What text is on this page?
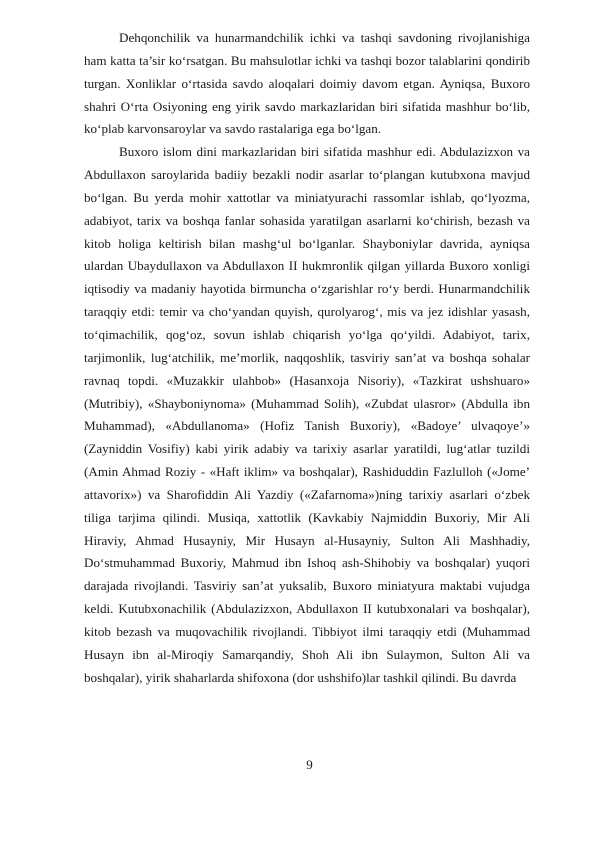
Dehqonchilik va hunarmandchilik ichki va tashqi savdoning rivojlanishiga ham katta ta’sir ko‘rsatgan. Bu mahsulotlar ichki va tashqi bozor talablarini qondirib turgan. Xonliklar o‘rtasida savdo aloqalari doimiy davom etgan. Ayniqsa, Buxoro shahri O‘rta Osiyoning eng yirik savdo markazlaridan biri sifatida mashhur bo‘lib, ko‘plab karvonsaroylar va savdo rastalariga ega bo‘lgan.

Buxoro islom dini markazlaridan biri sifatida mashhur edi. Abdulazizxon va Abdullaxon saroylarida badiiy bezakli nodir asarlar to‘plangan kutubxona mavjud bo‘lgan. Bu yerda mohir xattotlar va miniatyurachi rassomlar ishlab, qo‘lyozma, adabiyot, tarix va boshqa fanlar sohasida yaratilgan asarlarni ko‘chirish, bezash va kitob holiga keltirish bilan mashg‘ul bo‘lganlar. Shayboniylar davrida, ayniqsa ulardan Ubaydullaxon va Abdullaxon II hukmronlik qilgan yillarda Buxoro xonligi iqtisodiy va madaniy hayotida birmuncha o‘zgarishlar ro‘y berdi. Hunarmandchilik taraqqiy etdi: temir va cho‘yandan quyish, qurolyarog‘, mis va jez idishlar yasash, to‘qimachilik, qog‘oz, sovun ishlab chiqarish yo‘lga qo‘yildi. Adabiyot, tarix, tarjimonlik, lug‘atchilik, me’morlik, naqqoshlik, tasviriy san’at va boshqa sohalar ravnaq topdi. «Muzakkir ulahbob» (Hasanxoja Nisoriy), «Tazkirat ushshuaro» (Mutribiy), «Shayboniynoma» (Muhammad Solih), «Zubdat ulasror» (Abdulla ibn Muhammad), «Abdullanoma» (Hofiz Tanish Buxoriy), «Badoye’ ulvaqoye’» (Zayniddin Vosifiy) kabi yirik adabiy va tarixiy asarlar yaratildi, lug‘atlar tuzildi (Amin Ahmad Roziy - «Haft iklim» va boshqalar), Rashiduddin Fazlulloh («Jome’ attavorix») va Sharofiddin Ali Yazdiy («Zafarnoma»)ning tarixiy asarlari o‘zbek tiliga tarjima qilindi. Musiqa, xattotlik (Kavkabiy Najmiddin Buxoriy, Mir Ali Hiraviy, Ahmad Husayniy, Mir Husayn al-Husayniy, Sulton Ali Mashhadiy, Do‘stmuhammad Buxoriy, Mahmud ibn Ishoq ash-Shihobiy va boshqalar) yuqori darajada rivojlandi. Tasviriy san’at yuksalib, Buxoro miniatyura maktabi vujudga keldi. Kutubxonachilik (Abdulazizxon, Abdullaxon II kutubxonalari va boshqalar), kitob bezash va muqovachilik rivojlandi. Tibbiyot ilmi taraqqiy etdi (Muhammad Husayn ibn al-Miroqiy Samarqandiy, Shoh Ali ibn Sulaymon, Sulton Ali va boshqalar), yirik shaharlarda shifoxona (dor ushshifo)lar tashkil qilindi. Bu davrda

9
